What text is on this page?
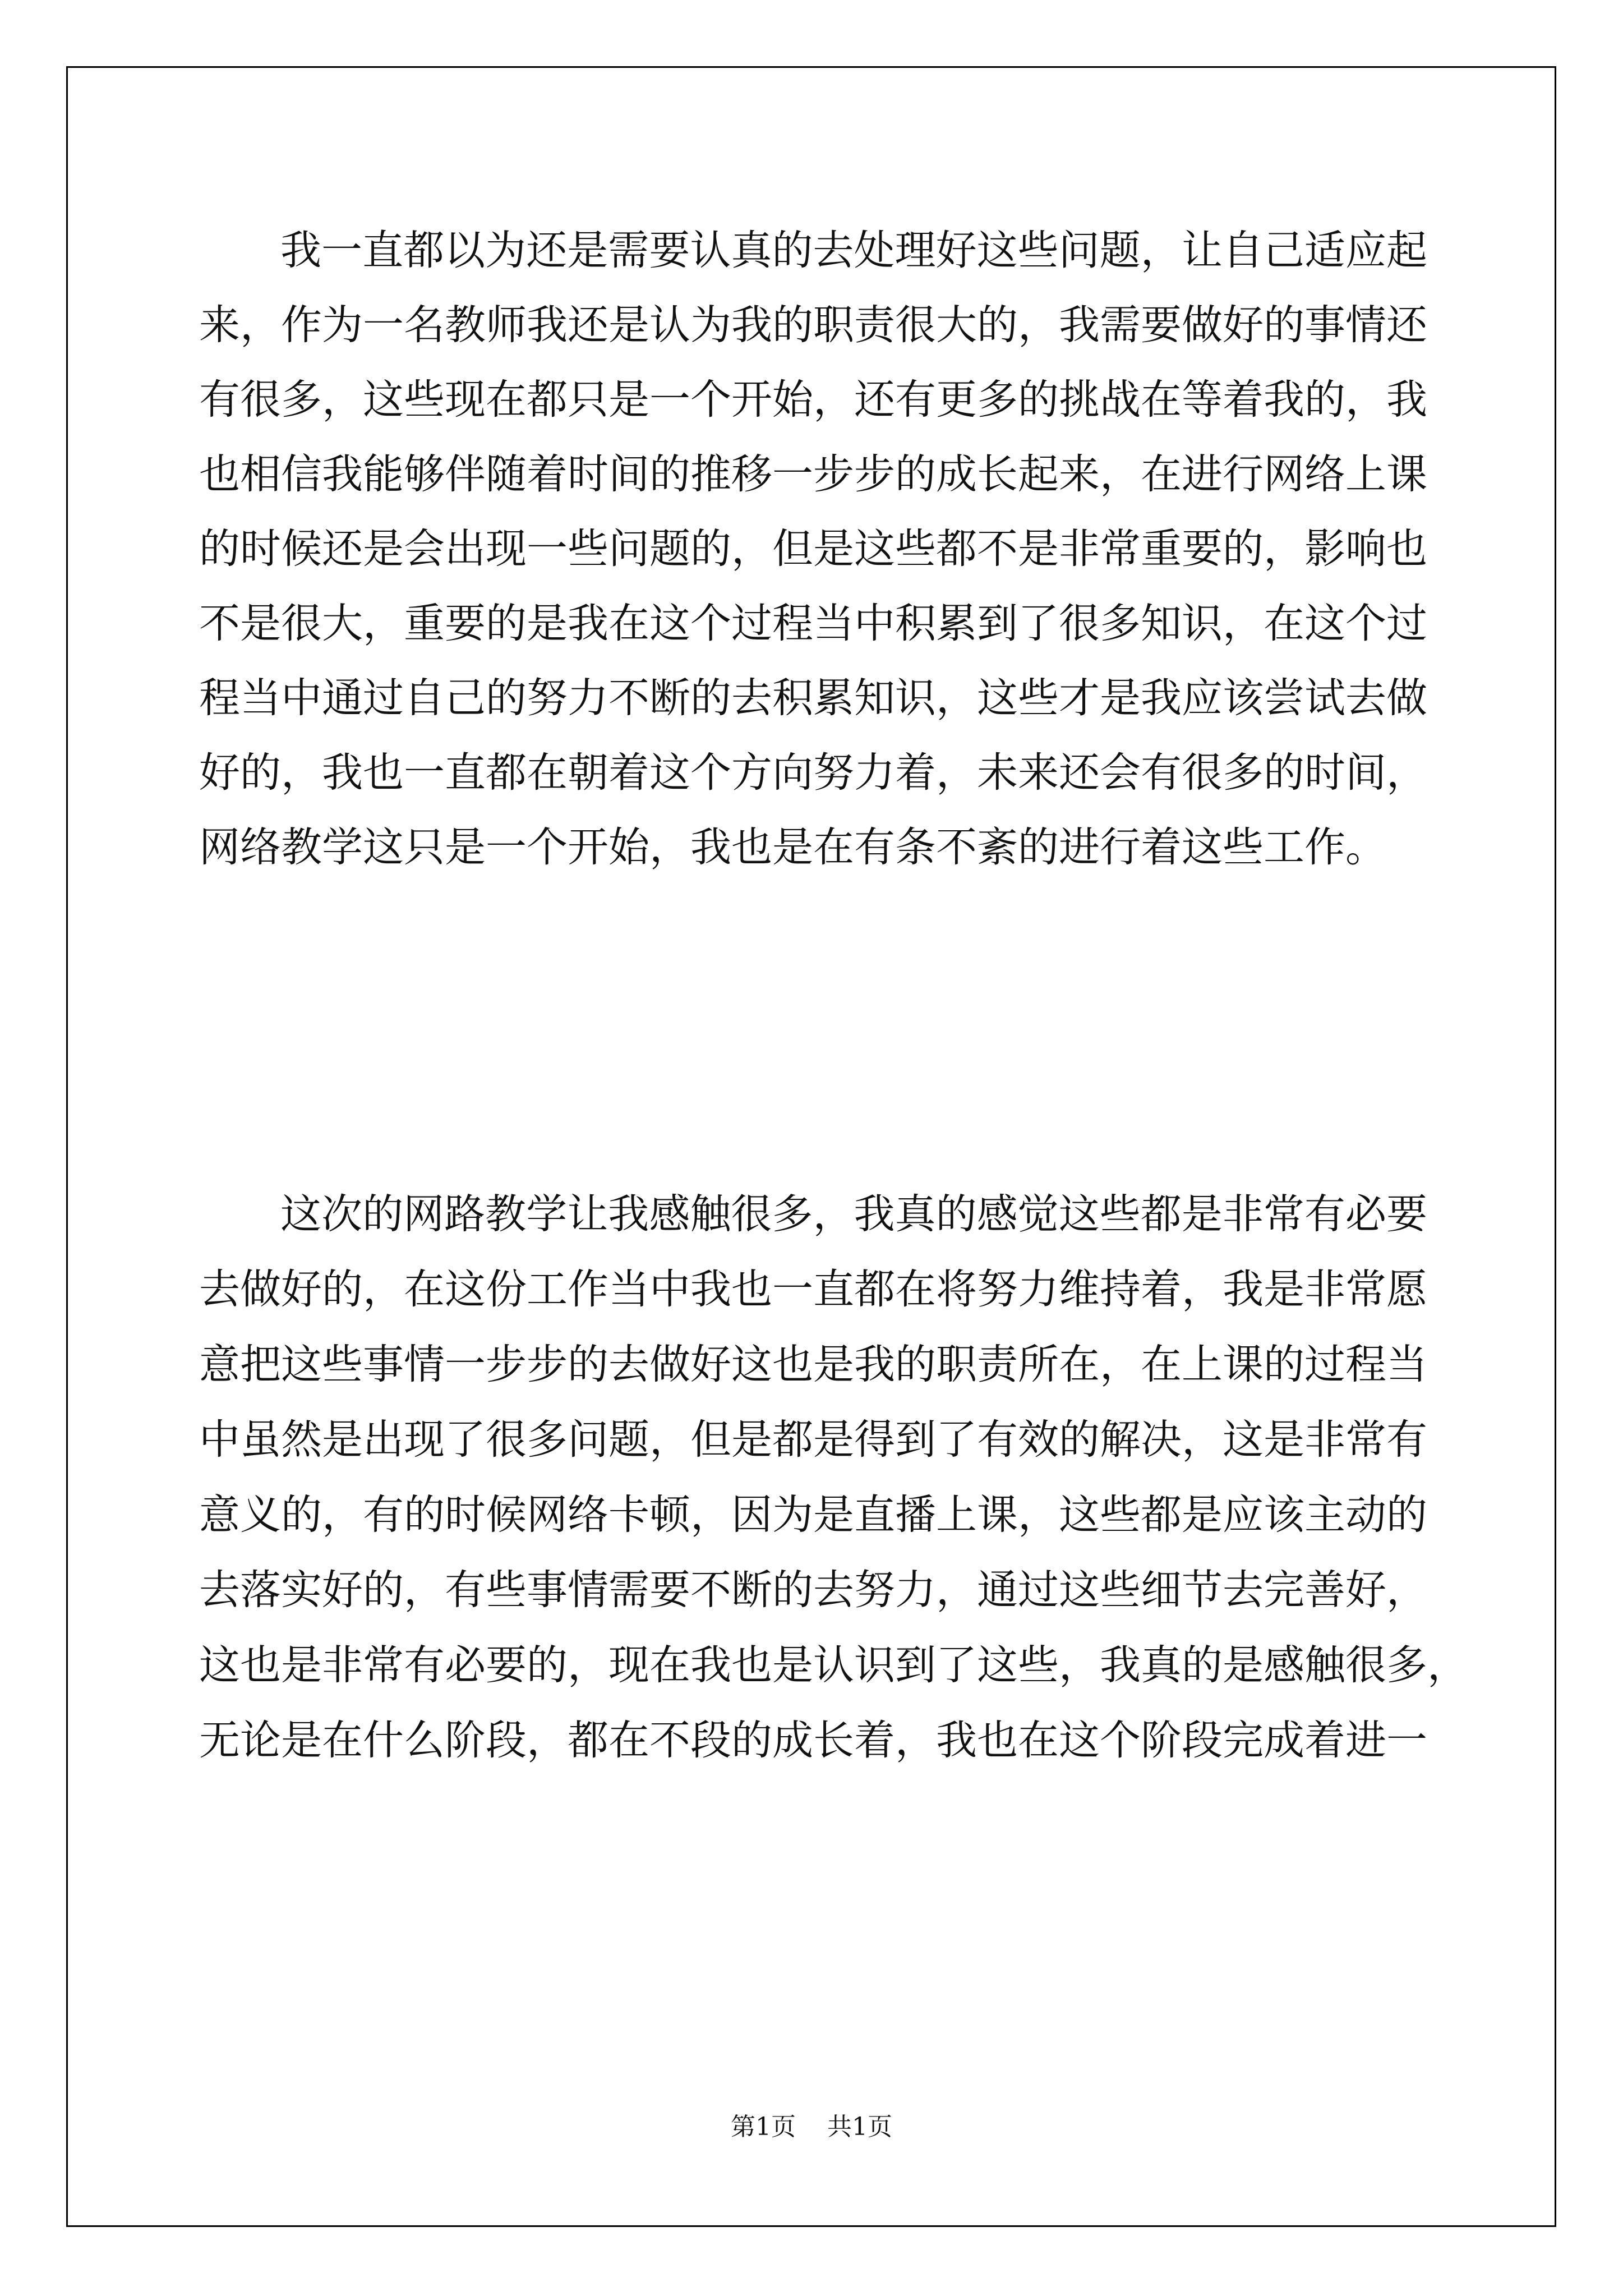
我一直都以为还是需要认真的去处理好这些问题，让自己适应起
来，作为一名教师我还是认为我的职责很大的，我需要做好的事情还
有很多，这些现在都只是一个开始，还有更多的挑战在等着我的，我
也相信我能够伴随着时间的推移一步步的成长起来，在进行网络上课
的时候还是会出现一些问题的，但是这些都不是非常重要的，影响也
不是很大，重要的是我在这个过程当中积累到了很多知识，在这个过
程当中通过自己的努力不断的去积累知识，这些才是我应该尝试去做
好的，我也一直都在朝着这个方向努力着，未来还会有很多的时间，
网络教学这只是一个开始，我也是在有条不紊的进行着这些工作。
这次的网路教学让我感触很多，我真的感觉这些都是非常有必要
去做好的，在这份工作当中我也一直都在将努力维持着，我是非常愿
意把这些事情一步步的去做好这也是我的职责所在，在上课的过程当
中虽然是出现了很多问题，但是都是得到了有效的解决，这是非常有
意义的，有的时候网络卡顿，因为是直播上课，这些都是应该主动的
去落实好的，有些事情需要不断的去努力，通过这些细节去完善好，
这也是非常有必要的，现在我也是认识到了这些，我真的是感触很多，
无论是在什么阶段，都在不段的成长着，我也在这个阶段完成着进一
第1页 共1页
